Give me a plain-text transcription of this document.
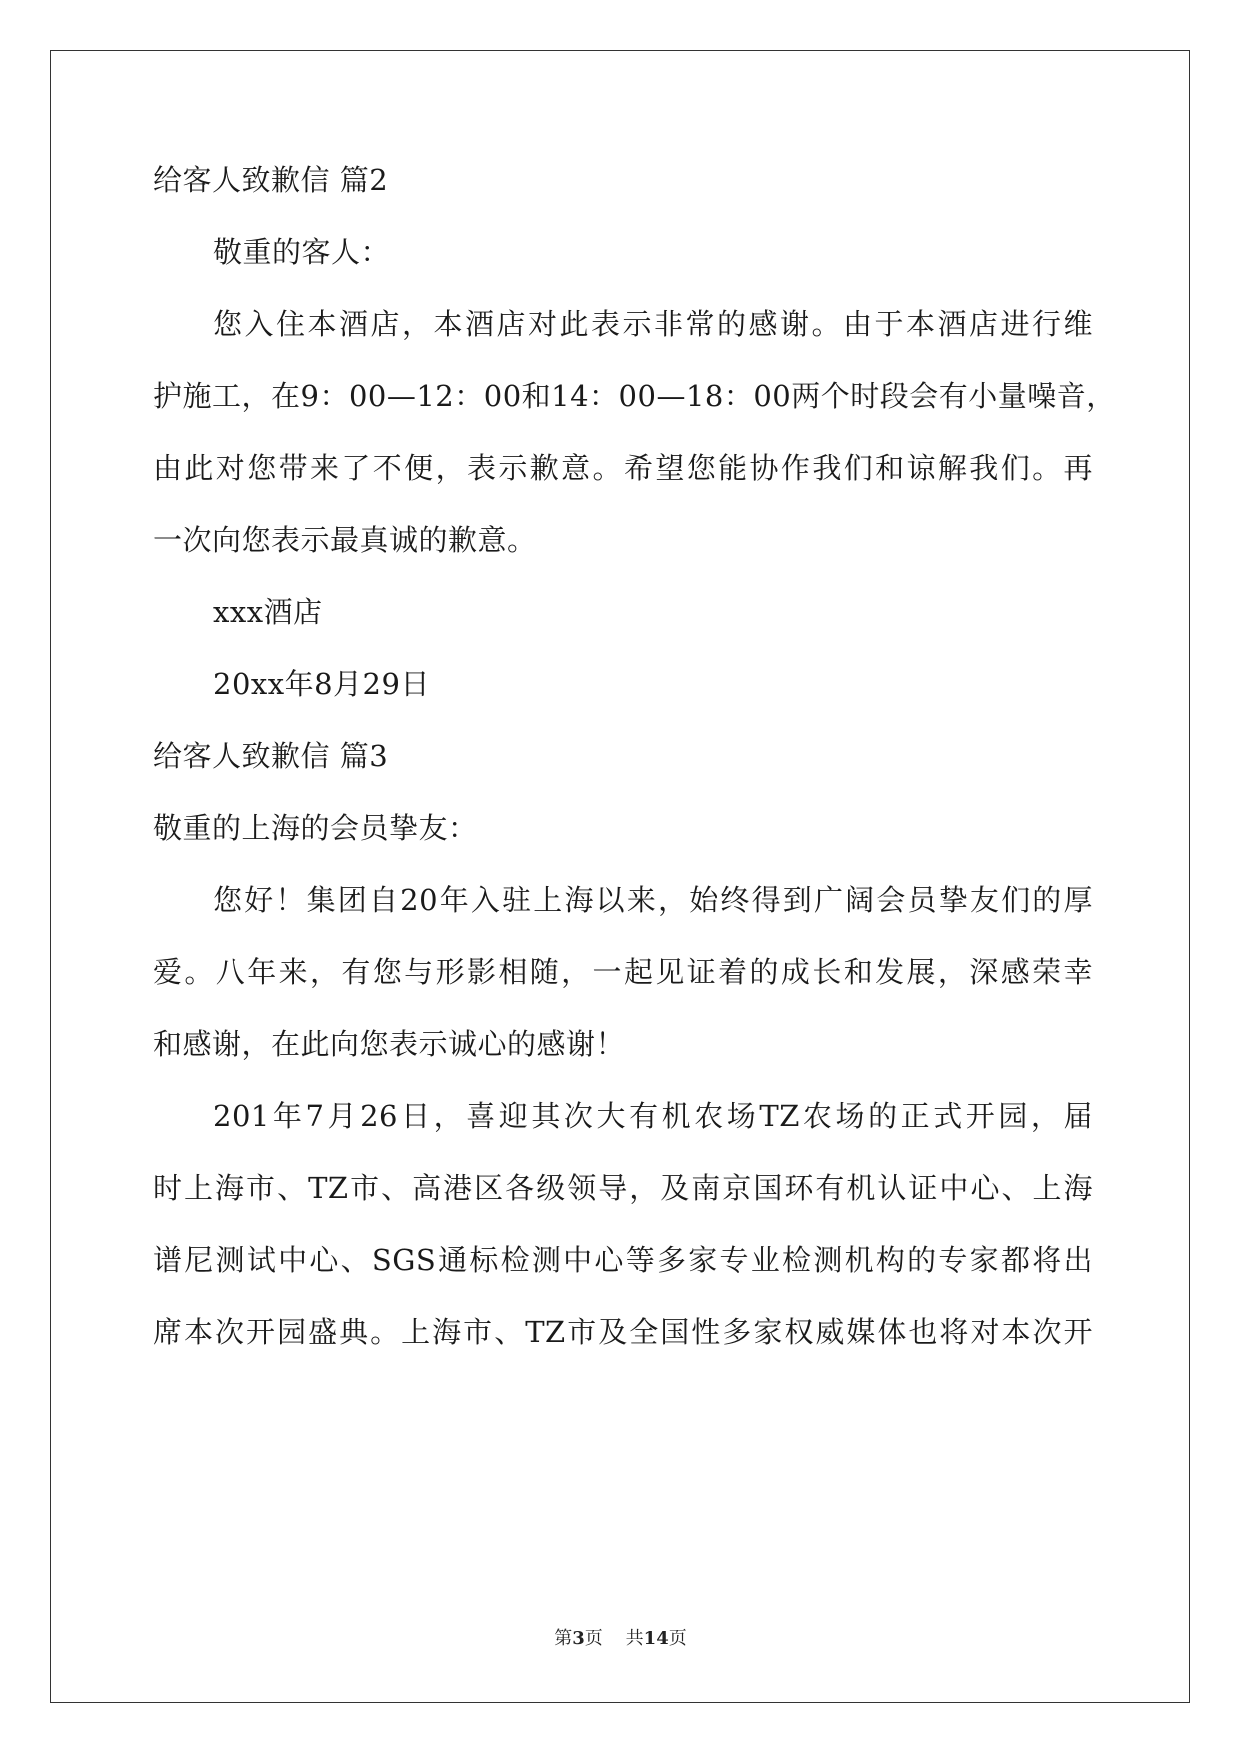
给客人致歉信 篇2
敬重的客人：
您入住本酒店，本酒店对此表示非常的感谢。由于本酒店进行维
护施工，在9：00—12：00和14：00—18：00两个时段会有小量噪音，
由此对您带来了不便，表示歉意。希望您能协作我们和谅解我们。再
一次向您表示最真诚的歉意。
xxx酒店
20xx年8月29日
给客人致歉信 篇3
敬重的上海的会员挚友：
您好！集团自20年入驻上海以来，始终得到广阔会员挚友们的厚
爱。八年来，有您与形影相随，一起见证着的成长和发展，深感荣幸
和感谢，在此向您表示诚心的感谢！
201年7月26日，喜迎其次大有机农场TZ农场的正式开园，届
时上海市、TZ市、高港区各级领导，及南京国环有机认证中心、上海
谱尼测试中心、SGS通标检测中心等多家专业检测机构的专家都将出
席本次开园盛典。上海市、TZ市及全国性多家权威媒体也将对本次开
第3页 共14页
